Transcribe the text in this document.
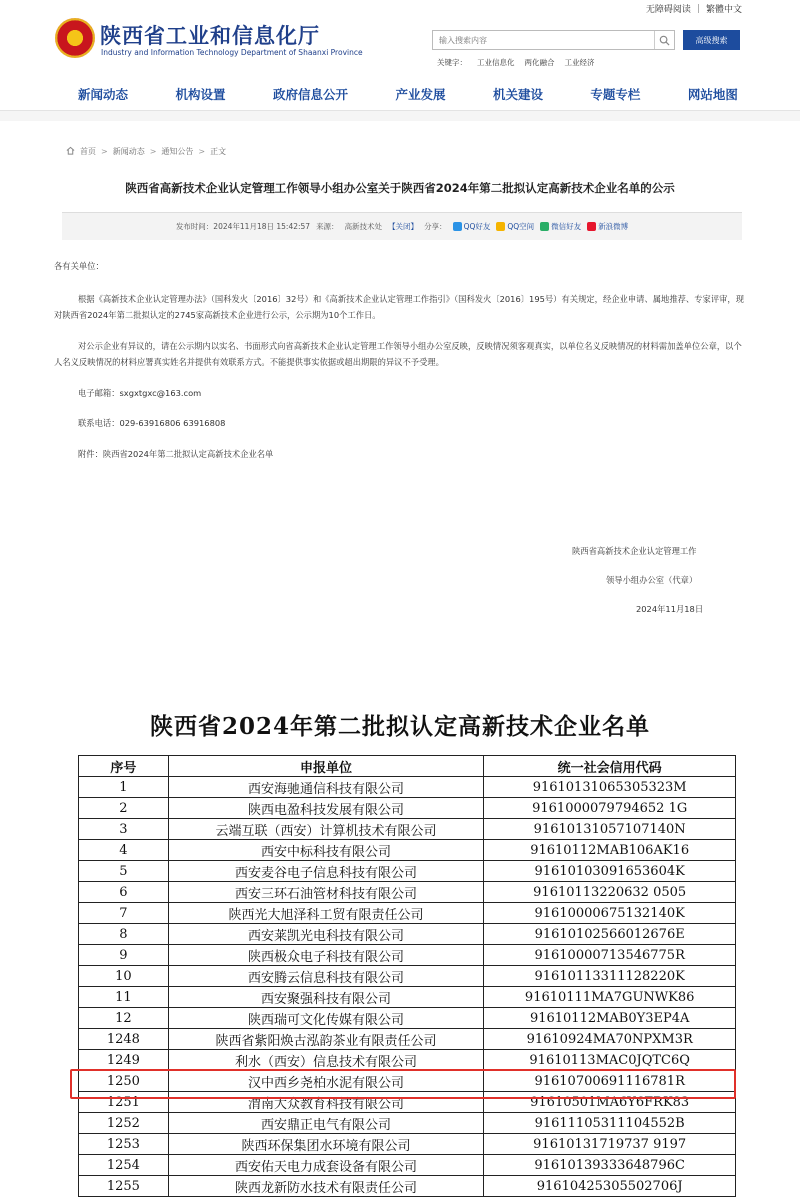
无障碍阅读 | 繁體中文
陕西省工业和信息化厅
Industry and Information Technology Department of Shaanxi Province
输入搜索内容
高级搜索
关键字： 工业信息化 两化融合 工业经济
新闻动态	机构设置	政府信息公开	产业发展	机关建设	专题专栏	网站地图
首页 > 新闻动态 > 通知公告 > 正文
陕西省高新技术企业认定管理工作领导小组办公室关于陕西省2024年第二批拟认定高新技术企业名单的公示
发布时间：2024年11月18日 15:42:57 来源： 高新技术处 【关闭】 分享： QQ好友 QQ空间 微信好友 新浪微博

各有关单位：

根据《高新技术企业认定管理办法》（国科发火〔2016〕32号）和《高新技术企业认定管理工作指引》（国科发火〔2016〕195号）有关规定，经企业申请、属地推荐、专家评审，现对陕西省2024年第二批拟认定的2745家高新技术企业进行公示，公示期为10个工作日。

对公示企业有异议的，请在公示期内以实名、书面形式向省高新技术企业认定管理工作领导小组办公室反映，反映情况须客观真实，以单位名义反映情况的材料需加盖单位公章，以个人名义反映情况的材料应署真实姓名并提供有效联系方式。不能提供事实依据或超出期限的异议不予受理。

电子邮箱：sxgxtgxc@163.com

联系电话：029-63916806 63916808

附件：陕西省2024年第二批拟认定高新技术企业名单

陕西省高新技术企业认定管理工作
领导小组办公室（代章）
2024年11月18日
陕西省2024年第二批拟认定高新技术企业名单
序号	申报单位	统一社会信用代码
1	西安海驰通信科技有限公司	91610131065305323M
2	陕西电盈科技发展有限公司	9161000079794652 1G
3	云端互联（西安）计算机技术有限公司	91610131057107140N
4	西安中标科技有限公司	91610112MAB106AK16
5	西安麦谷电子信息科技有限公司	91610103091653604K
6	西安三环石油管材科技有限公司	91610113220632 0505
7	陕西光大旭泽科工贸有限责任公司	91610000675132140K
8	西安莱凯光电科技有限公司	91610102566012676E
9	陕西极众电子科技有限公司	91610000713546775R
10	西安腾云信息科技有限公司	91610113311128220K
11	西安聚强科技有限公司	91610111MA7GUNWK86
12	陕西瑞可文化传媒有限公司	91610112MAB0Y3EP4A
1248	陕西省紫阳焕古泓韵茶业有限责任公司	91610924MA70NPXM3R
1249	利水（西安）信息技术有限公司	91610113MAC0JQTC6Q
1250	汉中西乡尧柏水泥有限公司	91610700691116781R
1251	渭南大众教育科技有限公司	91610501MA6Y6FRK83
1252	西安鼎正电气有限公司	91611105311104552B
1253	陕西环保集团水环境有限公司	91610131719737 9197
1254	西安佑天电力成套设备有限公司	91610139333648796C
1255	陕西龙新防水技术有限责任公司	91610425305502706J
